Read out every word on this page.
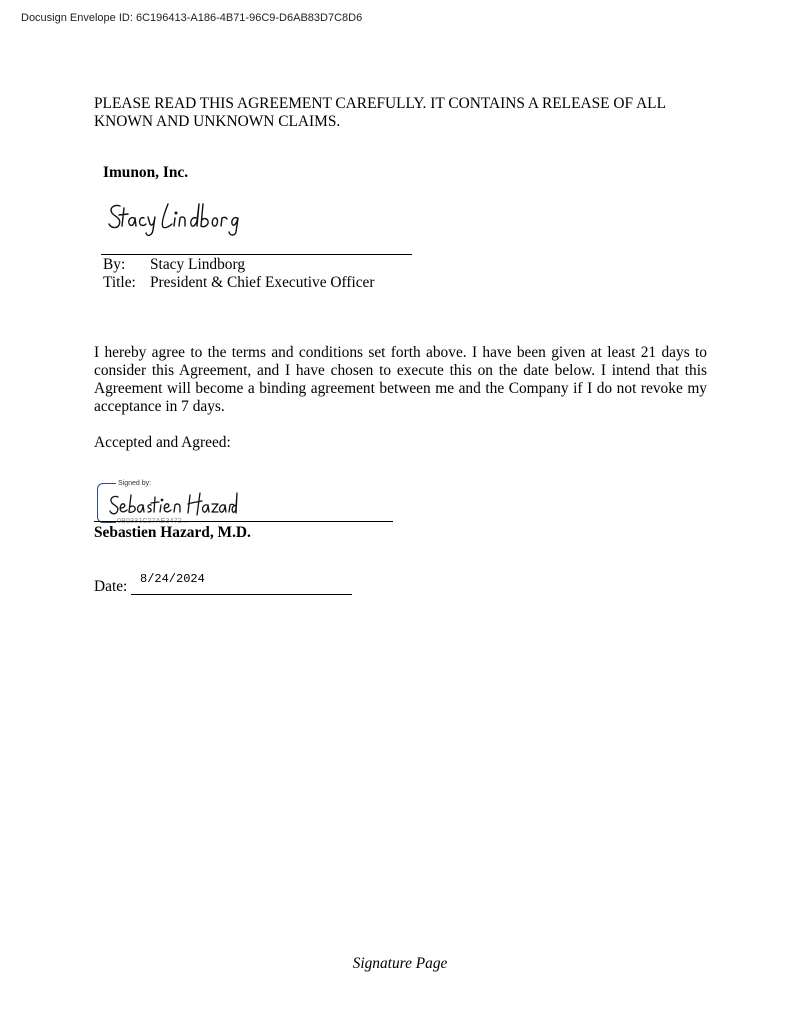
Docusign Envelope ID: 6C196413-A186-4B71-96C9-D6AB83D7C8D6
PLEASE READ THIS AGREEMENT CAREFULLY. IT CONTAINS A RELEASE OF ALL KNOWN AND UNKNOWN CLAIMS.
Imunon, Inc.
By: Stacy Lindborg
Title: President & Chief Executive Officer
I hereby agree to the terms and conditions set forth above. I have been given at least 21 days to consider this Agreement, and I have chosen to execute this on the date below. I intend that this Agreement will become a binding agreement between me and the Company if I do not revoke my acceptance in 7 days.
Accepted and Agreed:
Signed by:
0B0331C27AE3472...
Sebastien Hazard, M.D.
Date: 8/24/2024
Signature Page
